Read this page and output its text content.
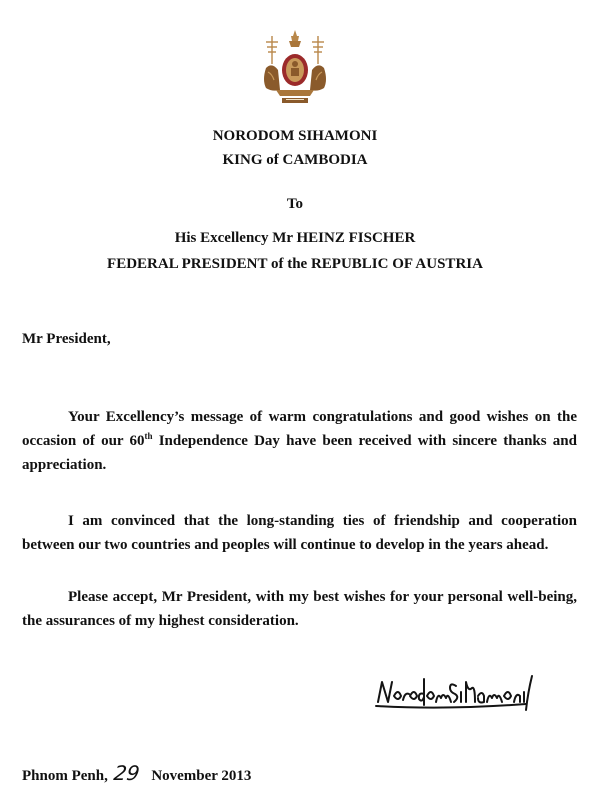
NORODOM SIHAMONI
KING of CAMBODIA
To
His Excellency Mr HEINZ FISCHER
FEDERAL PRESIDENT of the REPUBLIC OF AUSTRIA
Mr President,

Your Excellency’s message of warm congratulations and good wishes on the occasion of our 60th Independence Day have been received with sincere thanks and appreciation.

I am convinced that the long-standing ties of friendship and cooperation between our two countries and peoples will continue to develop in the years ahead.

Please accept, Mr President, with my best wishes for your personal well-being, the assurances of my highest consideration.

Phnom Penh, 29 November 2013
